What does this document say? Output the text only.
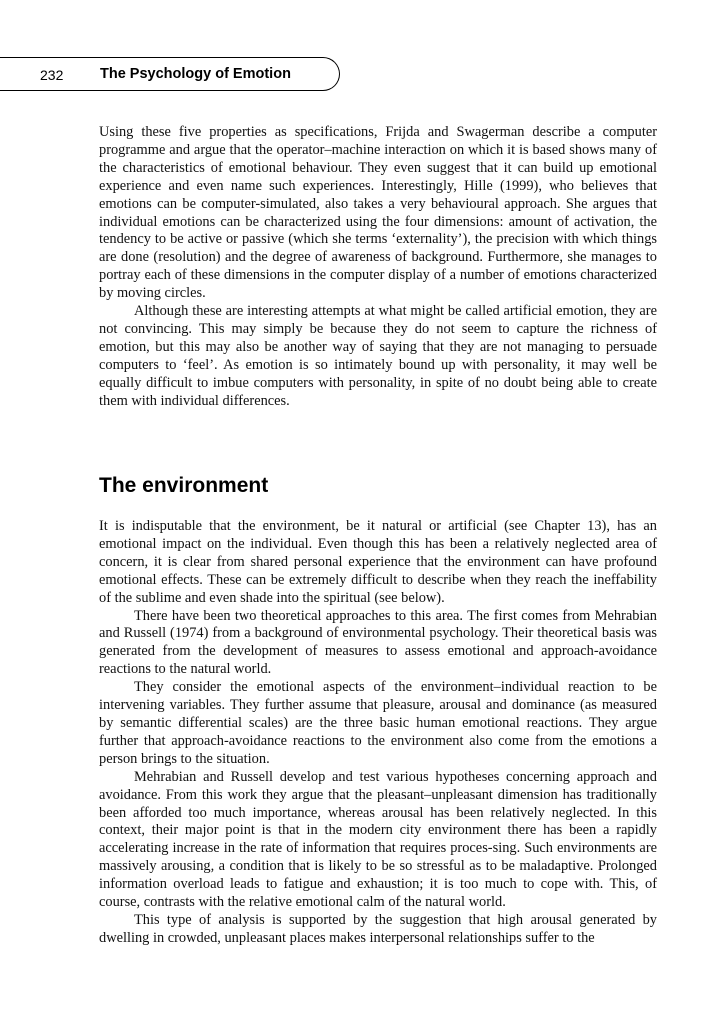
232	The Psychology of Emotion

Using these five properties as specifications, Frijda and Swagerman describe a computer programme and argue that the operator–machine interaction on which it is based shows many of the characteristics of emotional behaviour. They even suggest that it can build up emotional experience and even name such experiences. Interestingly, Hille (1999), who believes that emotions can be computer-simulated, also takes a very behavioural approach. She argues that individual emotions can be characterized using the four dimensions: amount of activation, the tendency to be active or passive (which she terms ‘externality’), the precision with which things are done (resolution) and the degree of awareness of background. Furthermore, she manages to portray each of these dimensions in the computer display of a number of emotions characterized by moving circles.

Although these are interesting attempts at what might be called artificial emotion, they are not convincing. This may simply be because they do not seem to capture the richness of emotion, but this may also be another way of saying that they are not managing to persuade computers to ‘feel’. As emotion is so intimately bound up with personality, it may well be equally difficult to imbue computers with personality, in spite of no doubt being able to create them with individual differences.

The environment

It is indisputable that the environment, be it natural or artificial (see Chapter 13), has an emotional impact on the individual. Even though this has been a relatively neglected area of concern, it is clear from shared personal experience that the environment can have profound emotional effects. These can be extremely difficult to describe when they reach the ineffability of the sublime and even shade into the spiritual (see below).

There have been two theoretical approaches to this area. The first comes from Mehrabian and Russell (1974) from a background of environmental psychology. Their theoretical basis was generated from the development of measures to assess emotional and approach-avoidance reactions to the natural world.

They consider the emotional aspects of the environment–individual reaction to be intervening variables. They further assume that pleasure, arousal and dominance (as measured by semantic differential scales) are the three basic human emotional reactions. They argue further that approach-avoidance reactions to the environment also come from the emotions a person brings to the situation.

Mehrabian and Russell develop and test various hypotheses concerning approach and avoidance. From this work they argue that the pleasant–unpleasant dimension has traditionally been afforded too much importance, whereas arousal has been relatively neglected. In this context, their major point is that in the modern city environment there has been a rapidly accelerating increase in the rate of information that requires proces-sing. Such environments are massively arousing, a condition that is likely to be so stressful as to be maladaptive. Prolonged information overload leads to fatigue and exhaustion; it is too much to cope with. This, of course, contrasts with the relative emotional calm of the natural world.

This type of analysis is supported by the suggestion that high arousal generated by dwelling in crowded, unpleasant places makes interpersonal relationships suffer to the
